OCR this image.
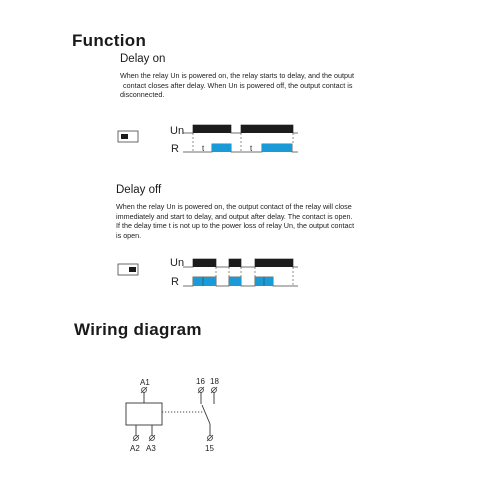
Function
Delay on
When the relay Un is powered on, the relay starts to delay, and the output
contact closes after delay. When Un is powered off, the output contact is
disconnected.
Un
R	t	t
Un
R
A1
A2 A3
16 18
15
Delay off
When the relay Un is powered on, the output contact of the relay will close
immediately and start to delay, and output after delay. The contact is open.
If the delay time t is not up to the power loss of relay Un, the output contact
is open.
Wiring diagram
